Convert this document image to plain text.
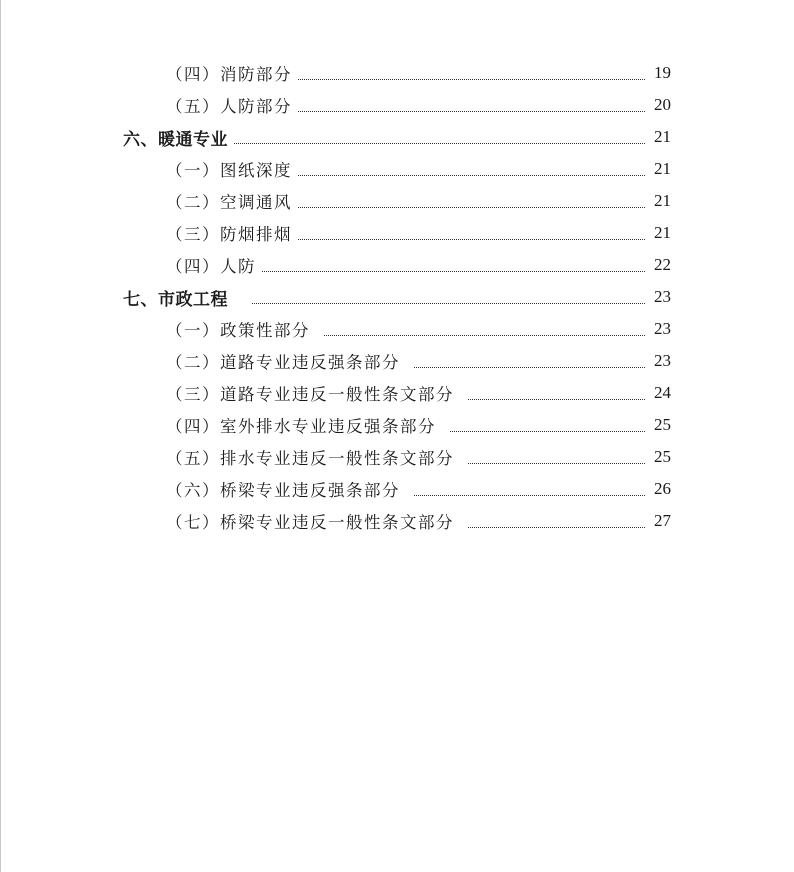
（四）消防部分	19
（五）人防部分	20
六、暖通专业	21
（一）图纸深度	21
（二）空调通风	21
（三）防烟排烟	21
（四）人防	22
七、市政工程	23
（一）政策性部分	23
（二）道路专业违反强条部分	23
（三）道路专业违反一般性条文部分	24
（四）室外排水专业违反强条部分	25
（五）排水专业违反一般性条文部分	25
（六）桥梁专业违反强条部分	26
（七）桥梁专业违反一般性条文部分	27
